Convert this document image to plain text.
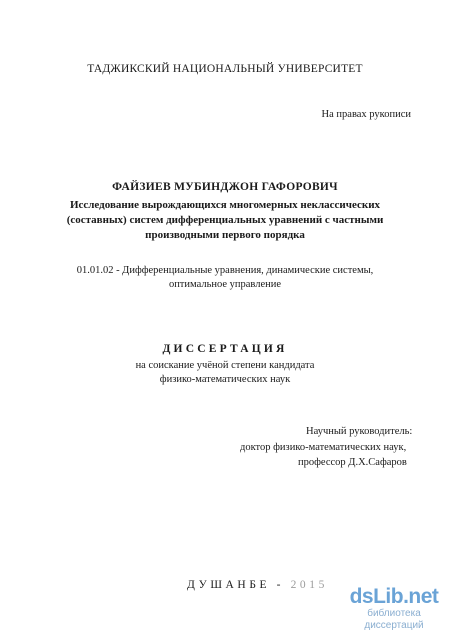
ТАДЖИКСКИЙ НАЦИОНАЛЬНЫЙ УНИВЕРСИТЕТ
На правах рукописи
ФАЙЗИЕВ МУБИНДЖОН ГАФОРОВИЧ
Исследование вырождающихся многомерных неклассических
(составных) систем дифференциальных уравнений с частными
производными первого порядка
01.01.02 - Дифференциальные уравнения, динамические системы,
оптимальное управление
ДИССЕРТАЦИЯ
на соискание учёной степени кандидата
физико-математических наук
Научный руководитель:
доктор физико-математических наук,
профессор Д.Х.Сафаров
ДУШАНБЕ - 2015 dsLib.net
библиотека диссертаций
